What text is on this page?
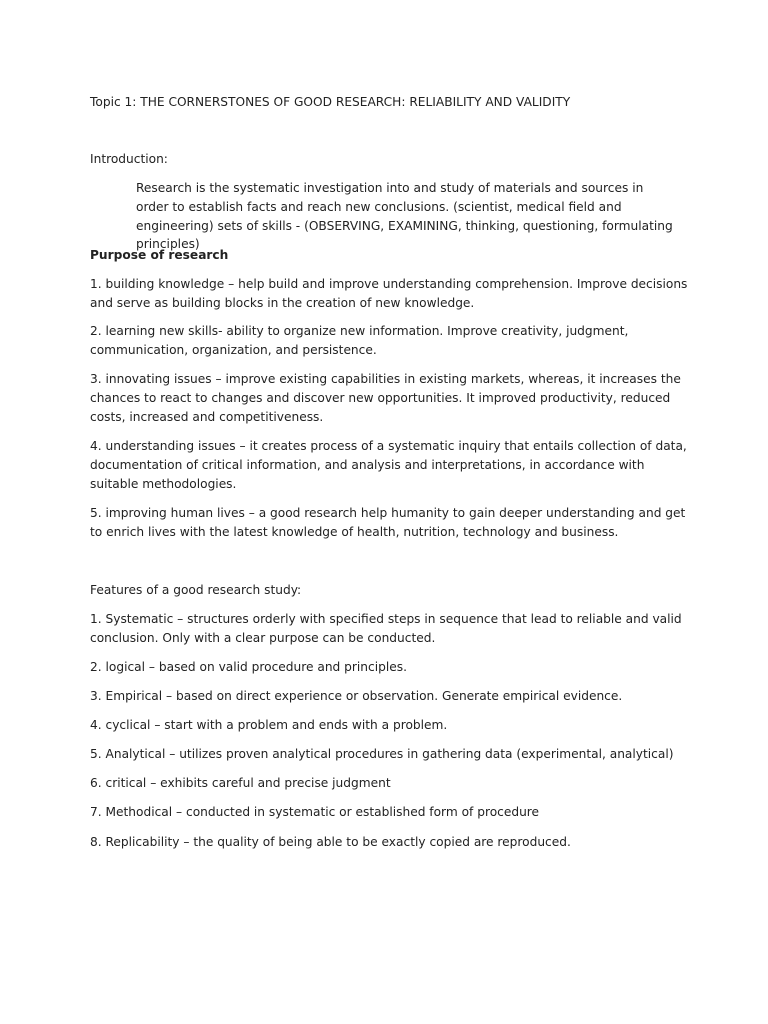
Topic 1: THE CORNERSTONES OF GOOD RESEARCH: RELIABILITY AND VALIDITY

Introduction:

Research is the systematic investigation into and study of materials and sources in order to establish facts and reach new conclusions. (scientist, medical field and engineering) sets of skills - (OBSERVING, EXAMINING, thinking, questioning, formulating principles)

Purpose of research

1. building knowledge – help build and improve understanding comprehension. Improve decisions and serve as building blocks in the creation of new knowledge.

2. learning new skills- ability to organize new information. Improve creativity, judgment, communication, organization, and persistence.

3. innovating issues – improve existing capabilities in existing markets, whereas, it increases the chances to react to changes and discover new opportunities. It improved productivity, reduced costs, increased and competitiveness.

4. understanding issues – it creates process of a systematic inquiry that entails collection of data, documentation of critical information, and analysis and interpretations, in accordance with suitable methodologies.

5. improving human lives – a good research help humanity to gain deeper understanding and get to enrich lives with the latest knowledge of health, nutrition, technology and business.

Features of a good research study:

1. Systematic – structures orderly with specified steps in sequence that lead to reliable and valid conclusion. Only with a clear purpose can be conducted.

2. logical – based on valid procedure and principles.

3. Empirical – based on direct experience or observation. Generate empirical evidence.

4. cyclical – start with a problem and ends with a problem.

5. Analytical – utilizes proven analytical procedures in gathering data (experimental, analytical)

6. critical – exhibits careful and precise judgment

7. Methodical – conducted in systematic or established form of procedure

8. Replicability – the quality of being able to be exactly copied are reproduced.
